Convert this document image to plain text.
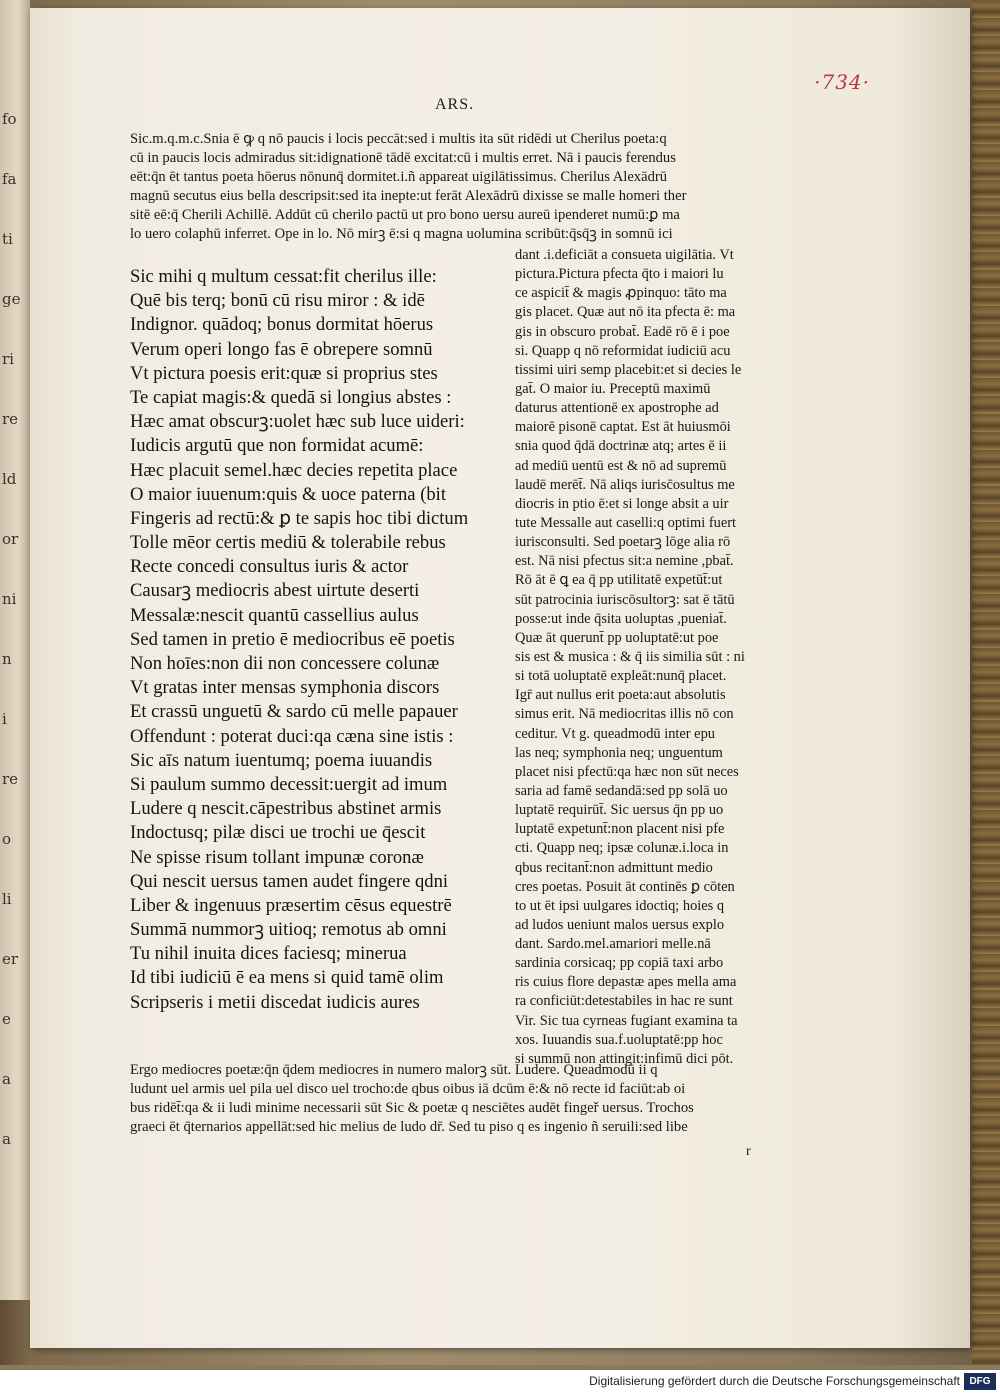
fo
fa
ti
ge
ri
re
ld
or
ni
n
i
re
o
li
er
e
a
a
·734·
ARS.
Sic.m.q.m.c.Snia ē ꝙ q nō paucis i locis peccāt:sed i multis ita sūt ridēdi ut Cherilus poeta:q
cū in paucis locis admiradus sit:idignationē tādē excitat:cū i multis erret. Nā i paucis ferendus
eēt:q̄n ēt tantus poeta hōerus nōnunq̄ dormitet.i.ñ appareat uigilātissimus. Cherilus Alexādrū
magnū secutus eius bella descripsit:sed ita inepte:ut ferāt Alexādrū dixisse se malle homeri ther
sitē eē:q̄ Cherili Achillē. Addūt cū cherilo pactū ut pro bono uersu aureū ipenderet numū:ꝑ ma
lo uero colaphū inferret. Ope in lo. Nō mirꝫ ē:si q magna uolumina scribūt:q̄sq̄ꝫ in somnū ici
Sic mihi q multum cessat:fit cherilus ille:
Quē bis terq; bonū cū risu miror : & idē
Indignor. quādoq; bonus dormitat hōerus
Verum operi longo fas ē obrepere somnū
Vt pictura poesis erit:quæ si proprius stes
Te capiat magis:& quedā si longius abstes :
Hæc amat obscurꝫ:uolet hæc sub luce uideri:
Iudicis argutū que non formidat acumē:
Hæc placuit semel.hæc decies repetita place
O maior iuuenum:quis & uoce paterna (bit
Fingeris ad rectū:& ꝑ te sapis hoc tibi dictum
Tolle mēor certis mediū & tolerabile rebus
Recte concedi consultus iuris & actor
Causarꝫ mediocris abest uirtute deserti
Messalæ:nescit quantū cassellius aulus
Sed tamen in pretio ē mediocribus eē poetis
Non hoīes:non dii non concessere colunæ
Vt gratas inter mensas symphonia discors
Et crassū unguetū & sardo cū melle papauer
Offendunt : poterat duci:qa cæna sine istis :
Sic aīs natum iuentumq; poema iuuandis
Si paulum summo decessit:uergit ad imum
Ludere q nescit.cāpestribus abstinet armis
Indoctusq; pilæ disci ue trochi ue q̄escit
Ne spisse risum tollant impunæ coronæ
Qui nescit uersus tamen audet fingere qdni
Liber & ingenuus præsertim cēsus equestrē
Summā nummorꝫ uitioq; remotus ab omni
Tu nihil inuita dices faciesq; minerua
Id tibi iudiciū ē ea mens si quid tamē olim
Scripseris i metii discedat iudicis aures
dant .i.deficiāt a consueta uigilātia. Vt
pictura.Pictura pfecta q̄to i maiori lu
ce aspicit̄ & magis ꝓpinquo: tāto ma
gis placet. Quæ aut nō ita pfecta ē: ma
gis in obscuro probat̄. Eadē rō ē i poe
si. Quapp q nō reformidat iudiciū acu
tissimi uiri semp placebit:et si decies le
gat̄. O maior iu. Preceptū maximū
daturus attentionē ex apostrophe ad
maiorē pisonē captat. Est āt huiusmōi
snia quod q̄dā doctrinæ atq; artes ē ii
ad mediū uentū est & nō ad supremū
laudē merēt̄. Nā aliqs iurisc̄osultus me
diocris in ptio ē:et si longe absit a uir
tute Messalle aut caselli:q optimi fuert
iurisconsulti. Sed poetarꝫ lōge alia rō
est. Nā nisi pfectus sit:a nemine ,pbat̄.
Rō āt ē ꝗ ea q̄ pp utilitatē expetūt̄:ut
sūt patrocinia iuriscōsultorꝫ: sat ē tātū
posse:ut inde q̄sita uoluptas ,pueniat̄.
Quæ āt querunt̄ pp uoluptatē:ut poe
sis est & musica : & q̄ iis similia sūt : ni
si totā uoluptatē expleāt:nunq̄ placet.
Igr̄ aut nullus erit poeta:aut absolutis
simus erit. Nā mediocritas illis nō con
ceditur. Vt g. queadmodū inter epu
las neq; symphonia neq; unguentum
placet nisi pfectū:qa hæc non sūt neces
saria ad famē sedandā:sed pp solā uo
luptatē requirūt̄. Sic uersus q̄n pp uo
luptatē expetunt̄:non placent nisi pfe
cti. Quapp neq; ipsæ colunæ.i.loca in
qbus recitant̄:non admittunt medio
cres poetas. Posuit āt continēs ꝑ cōten
to ut ēt ipsi uulgares idoctiq; hoies q
ad ludos ueniunt malos uersus explo
dant. Sardo.mel.amariori melle.nā
sardinia corsicaq; pp copiā taxi arbo
ris cuius flore depastæ apes mella ama
ra conficiūt:detestabiles in hac re sunt
Vir. Sic tua cyrneas fugiant examina ta
xos. Iuuandis sua.f.uoluptatē:pp hoc
si summū non attingit:infimū dici pōt.
Ergo mediocres poetæ:q̄n q̄dem mediocres in numero malorꝫ sūt. Ludere. Queadmodū ii q
ludunt uel armis uel pila uel disco uel trocho:de qbus oibus iā dcūm ē:& nō recte id faciūt:ab oi
bus ridēt̄:qa & ii ludi minime necessarii sūt Sic & poetæ q nesciētes audēt fingeř uersus. Trochos
graeci ēt q̄ternarios appellāt:sed hic melius de ludo dr̄. Sed tu piso q es ingenio ñ seruili:sed libe
r
Digitalisierung gefördert durch die Deutsche Forschungsgemeinschaft DFG
